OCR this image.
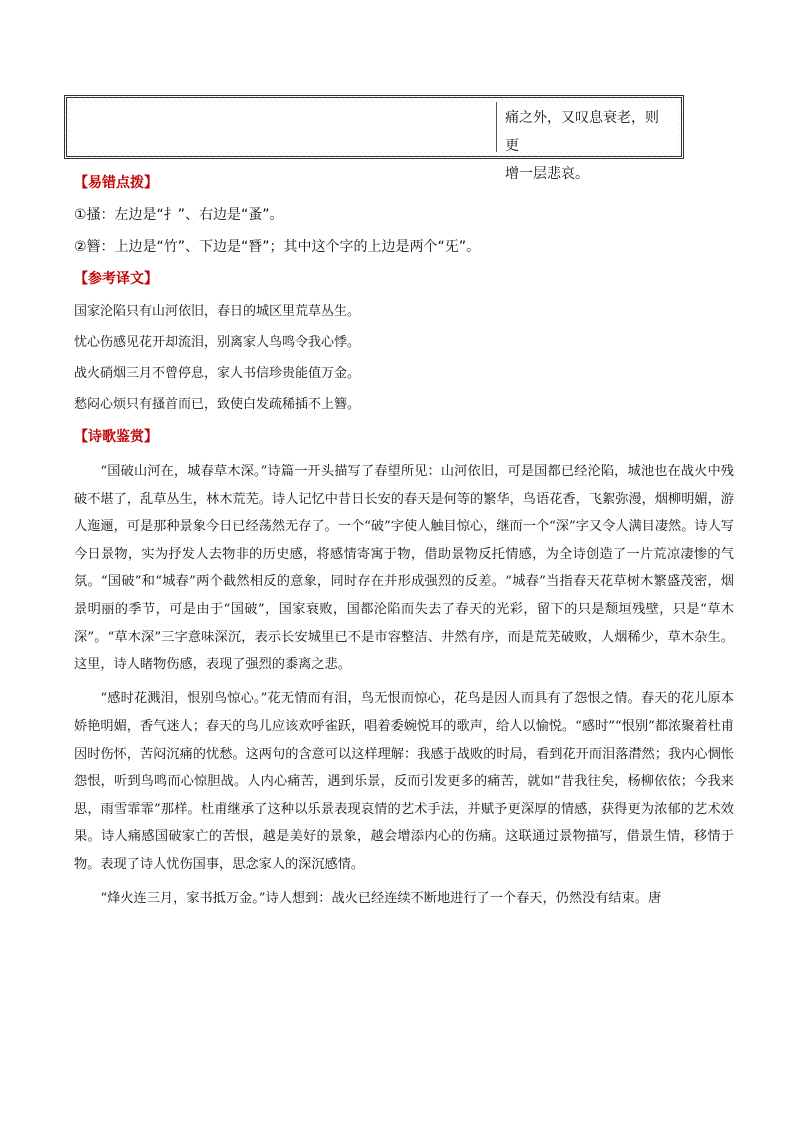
痛之外，又叹息衰老，则更
增一层悲哀。
【易错点拨】
①搔：左边是“扌”、右边是“蚤”。
②簪：上边是“竹”、下边是“朁”；其中这个字的上边是两个“旡”。
【参考译文】
国家沦陷只有山河依旧，春日的城区里荒草丛生。
忧心伤感见花开却流泪，别离家人鸟鸣令我心悸。
战火硝烟三月不曾停息，家人书信珍贵能值万金。
愁闷心烦只有搔首而已，致使白发疏稀插不上簪。
【诗歌鉴赏】

“国破山河在，城春草木深。”诗篇一开头描写了春望所见：山河依旧，可是国都已经沦陷，城池也在战火中残破不堪了，乱草丛生，林木荒芜。诗人记忆中昔日长安的春天是何等的繁华，鸟语花香，飞絮弥漫，烟柳明媚，游人迤逦，可是那种景象今日已经荡然无存了。一个“破”字使人触目惊心，继而一个“深”字又令人满目凄然。诗人写今日景物，实为抒发人去物非的历史感，将感情寄寓于物，借助景物反托情感，为全诗创造了一片荒凉凄惨的气氛。“国破”和“城春”两个截然相反的意象，同时存在并形成强烈的反差。“城春”当指春天花草树木繁盛茂密，烟景明丽的季节，可是由于“国破”，国家衰败，国都沦陷而失去了春天的光彩，留下的只是颓垣残壁，只是“草木深”。“草木深”三字意味深沉，表示长安城里已不是市容整洁、井然有序，而是荒芜破败，人烟稀少，草木杂生。这里，诗人睹物伤感，表现了强烈的黍离之悲。

“感时花溅泪，恨别鸟惊心。”花无情而有泪，鸟无恨而惊心，花鸟是因人而具有了怨恨之情。春天的花儿原本娇艳明媚，香气迷人；春天的鸟儿应该欢呼雀跃，唱着委婉悦耳的歌声，给人以愉悦。“感时”“恨别”都浓聚着杜甫因时伤怀，苦闷沉痛的忧愁。这两句的含意可以这样理解：我感于战败的时局，看到花开而泪落潸然；我内心惆怅怨恨，听到鸟鸣而心惊胆战。人内心痛苦，遇到乐景，反而引发更多的痛苦，就如“昔我往矣，杨柳依依；今我来思，雨雪霏霏”那样。杜甫继承了这种以乐景表现哀情的艺术手法，并赋予更深厚的情感，获得更为浓郁的艺术效果。诗人痛感国破家亡的苦恨，越是美好的景象，越会增添内心的伤痛。这联通过景物描写，借景生情，移情于物。表现了诗人忧伤国事，思念家人的深沉感情。

“烽火连三月，家书抵万金。”诗人想到：战火已经连续不断地进行了一个春天，仍然没有结束。唐
